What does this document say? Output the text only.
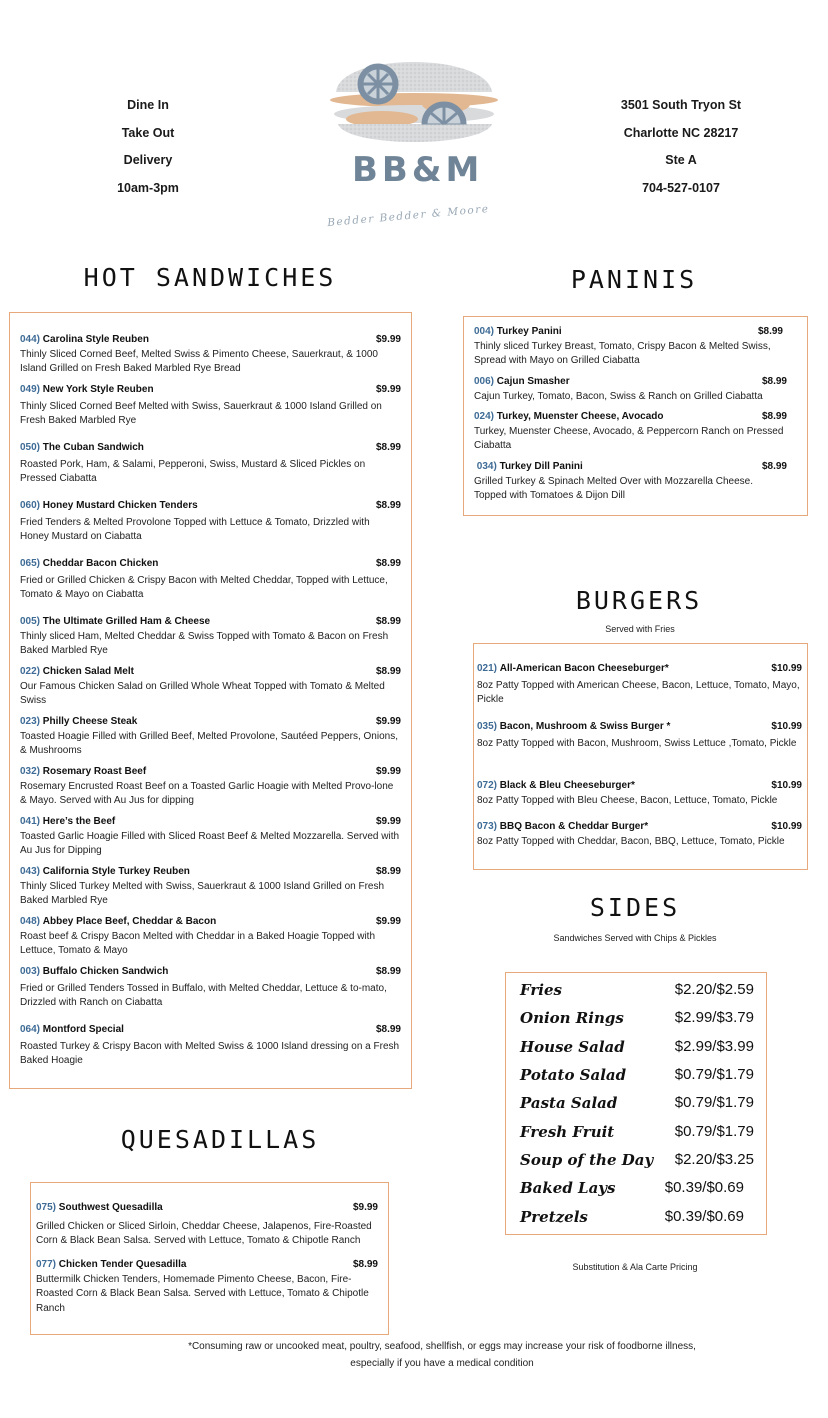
Dine In
Take Out
Delivery
10am-3pm
3501 South Tryon St
Charlotte NC 28217
Ste A
704-527-0107
BB&M
Bedder Bedder & Moore
HOT SANDWICHES
044) Carolina Style Reuben	$9.99
Thinly Sliced Corned Beef, Melted Swiss & Pimento Cheese, Sauerkraut, & 1000 Island Grilled on Fresh Baked Marbled Rye Bread
049) New York Style Reuben	$9.99
Thinly Sliced Corned Beef Melted with Swiss, Sauerkraut & 1000 Island Grilled on Fresh Baked Marbled Rye
050) The Cuban Sandwich	$8.99
Roasted Pork, Ham, & Salami, Pepperoni, Swiss, Mustard & Sliced Pickles on Pressed Ciabatta
060) Honey Mustard Chicken Tenders	$8.99
Fried Tenders & Melted Provolone Topped with Lettuce & Tomato, Drizzled with Honey Mustard on Ciabatta
065) Cheddar Bacon Chicken	$8.99
Fried or Grilled Chicken & Crispy Bacon with Melted Cheddar, Topped with Lettuce, Tomato & Mayo on Ciabatta
005) The Ultimate Grilled Ham & Cheese	$8.99
Thinly sliced Ham, Melted Cheddar & Swiss Topped with Tomato & Bacon on Fresh Baked Marbled Rye
022) Chicken Salad Melt	$8.99
Our Famous Chicken Salad on Grilled Whole Wheat Topped with Tomato & Melted Swiss
023) Philly Cheese Steak	$9.99
Toasted Hoagie Filled with Grilled Beef, Melted Provolone, Sautéed Peppers, Onions, & Mushrooms
032) Rosemary Roast Beef	$9.99
Rosemary Encrusted Roast Beef on a Toasted Garlic Hoagie with Melted Provo-lone & Mayo. Served with Au Jus for dipping
041) Here’s the Beef	$9.99
Toasted Garlic Hoagie Filled with Sliced Roast Beef & Melted Mozzarella. Served with Au Jus for Dipping
043) California Style Turkey Reuben	$8.99
Thinly Sliced Turkey Melted with Swiss, Sauerkraut & 1000 Island Grilled on Fresh Baked Marbled Rye
048) Abbey Place Beef, Cheddar & Bacon	$9.99
Roast beef & Crispy Bacon Melted with Cheddar in a Baked Hoagie Topped with Lettuce, Tomato & Mayo
003) Buffalo Chicken Sandwich	$8.99
Fried or Grilled Tenders Tossed in Buffalo, with Melted Cheddar, Lettuce & to-mato, Drizzled with Ranch on Ciabatta
064) Montford Special	$8.99
Roasted Turkey & Crispy Bacon with Melted Swiss & 1000 Island dressing on a Fresh Baked Hoagie
QUESADILLAS
075) Southwest Quesadilla	$9.99
Grilled Chicken or Sliced Sirloin, Cheddar Cheese, Jalapenos, Fire-Roasted Corn & Black Bean Salsa. Served with Lettuce, Tomato & Chipotle Ranch
077) Chicken Tender Quesadilla	$8.99
Buttermilk Chicken Tenders, Homemade Pimento Cheese, Bacon, Fire-Roasted Corn & Black Bean Salsa. Served with Lettuce, Tomato & Chipotle Ranch
PANINIS
004) Turkey Panini	$8.99
Thinly sliced Turkey Breast, Tomato, Crispy Bacon & Melted Swiss, Spread with Mayo on Grilled Ciabatta
006) Cajun Smasher	$8.99
Cajun Turkey, Tomato, Bacon, Swiss & Ranch on Grilled Ciabatta
024) Turkey, Muenster Cheese, Avocado	$8.99
Turkey, Muenster Cheese, Avocado, & Peppercorn Ranch on Pressed Ciabatta
034) Turkey Dill Panini	$8.99
Grilled Turkey & Spinach Melted Over with Mozzarella Cheese. Topped with Tomatoes & Dijon Dill
BURGERS
Served with Fries
021) All-American Bacon Cheeseburger*	$10.99
8oz Patty Topped with American Cheese, Bacon, Lettuce, Tomato, Mayo, Pickle
035) Bacon, Mushroom & Swiss Burger *	$10.99
8oz Patty Topped with Bacon, Mushroom, Swiss Lettuce ,Tomato, Pickle
072) Black & Bleu Cheeseburger*	$10.99
8oz Patty Topped with Bleu Cheese, Bacon, Lettuce, Tomato, Pickle
073) BBQ Bacon & Cheddar Burger*	$10.99
8oz Patty Topped with Cheddar, Bacon, BBQ, Lettuce, Tomato, Pickle
SIDES
Sandwiches Served with Chips & Pickles
Fries	$2.20/$2.59
Onion Rings	$2.99/$3.79
House Salad	$2.99/$3.99
Potato Salad	$0.79/$1.79
Pasta Salad	$0.79/$1.79
Fresh Fruit	$0.79/$1.79
Soup of the Day $2.20/$3.25
Baked Lays	$0.39/$0.69
Pretzels	$0.39/$0.69
Substitution & Ala Carte Pricing
*Consuming raw or uncooked meat, poultry, seafood, shellfish, or eggs may increase your risk of foodborne illness,
especially if you have a medical condition
